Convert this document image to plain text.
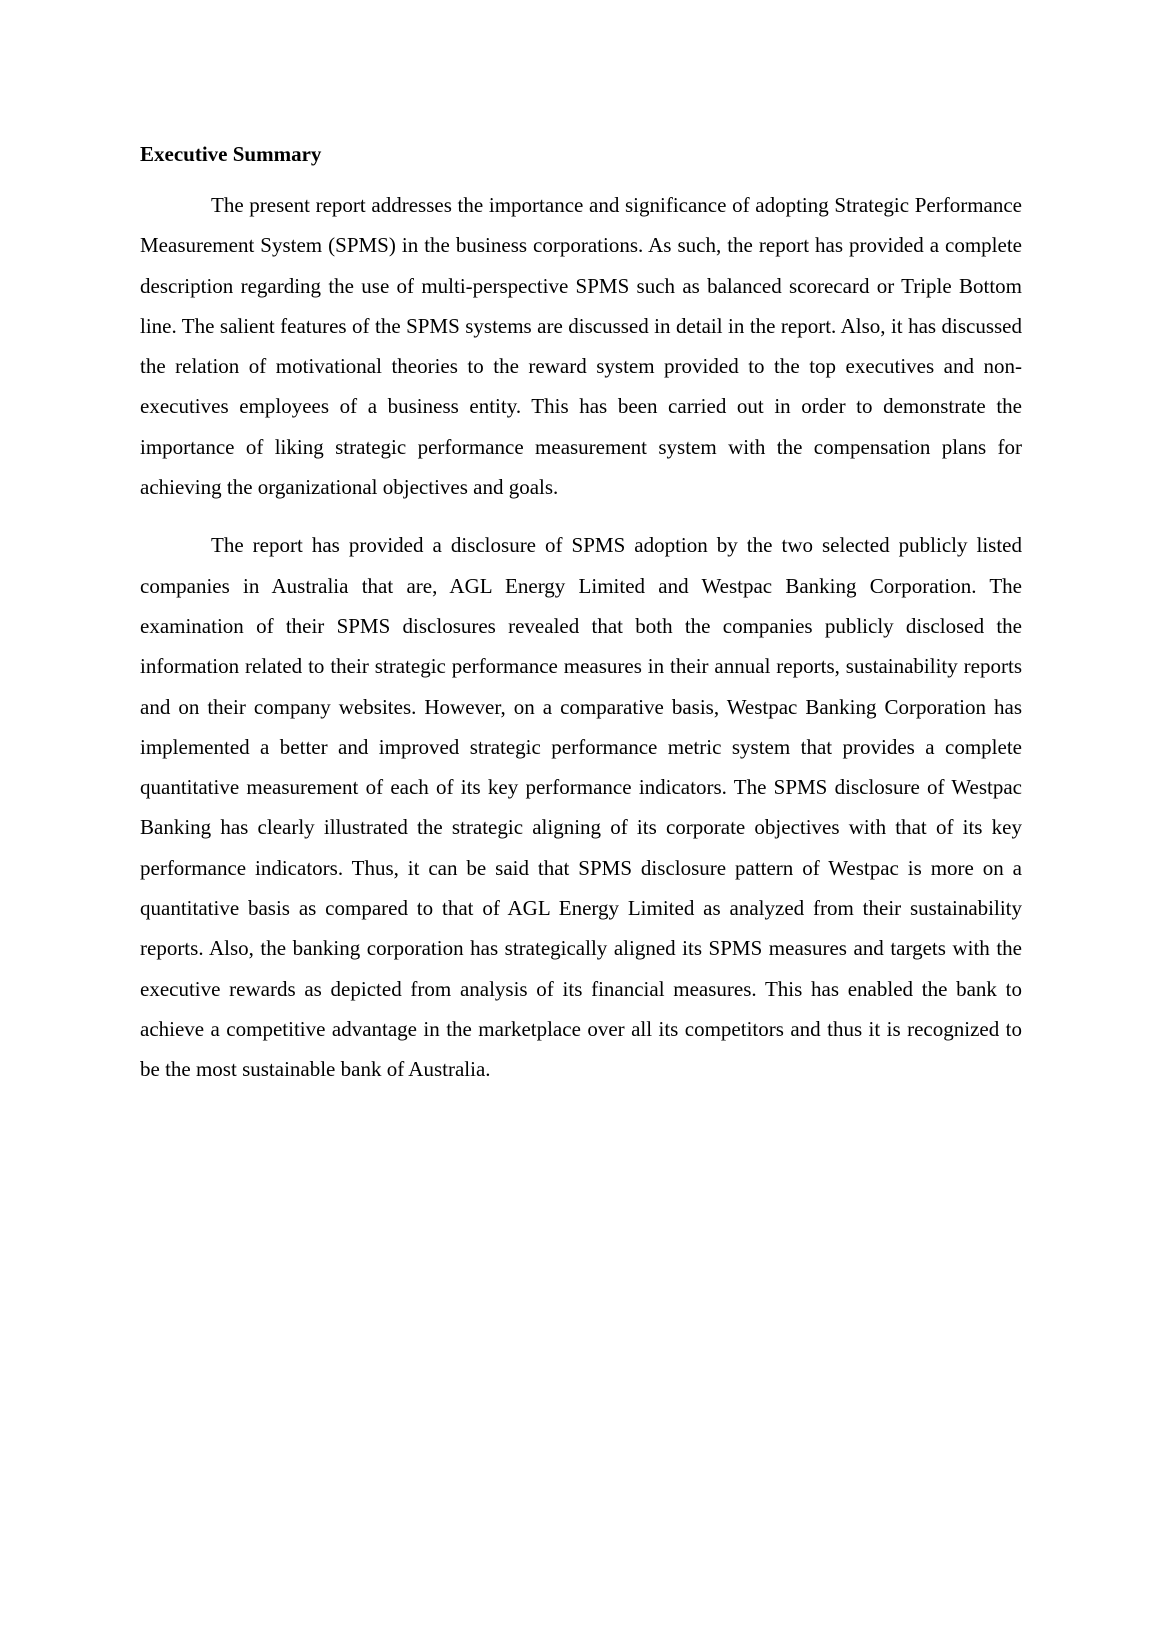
Executive Summary

The present report addresses the importance and significance of adopting Strategic Performance Measurement System (SPMS) in the business corporations. As such, the report has provided a complete description regarding the use of multi-perspective SPMS such as balanced scorecard or Triple Bottom line. The salient features of the SPMS systems are discussed in detail in the report. Also, it has discussed the relation of motivational theories to the reward system provided to the top executives and non-executives employees of a business entity. This has been carried out in order to demonstrate the importance of liking strategic performance measurement system with the compensation plans for achieving the organizational objectives and goals.

The report has provided a disclosure of SPMS adoption by the two selected publicly listed companies in Australia that are, AGL Energy Limited and Westpac Banking Corporation. The examination of their SPMS disclosures revealed that both the companies publicly disclosed the information related to their strategic performance measures in their annual reports, sustainability reports and on their company websites. However, on a comparative basis, Westpac Banking Corporation has implemented a better and improved strategic performance metric system that provides a complete quantitative measurement of each of its key performance indicators. The SPMS disclosure of Westpac Banking has clearly illustrated the strategic aligning of its corporate objectives with that of its key performance indicators. Thus, it can be said that SPMS disclosure pattern of Westpac is more on a quantitative basis as compared to that of AGL Energy Limited as analyzed from their sustainability reports. Also, the banking corporation has strategically aligned its SPMS measures and targets with the executive rewards as depicted from analysis of its financial measures. This has enabled the bank to achieve a competitive advantage in the marketplace over all its competitors and thus it is recognized to be the most sustainable bank of Australia.
